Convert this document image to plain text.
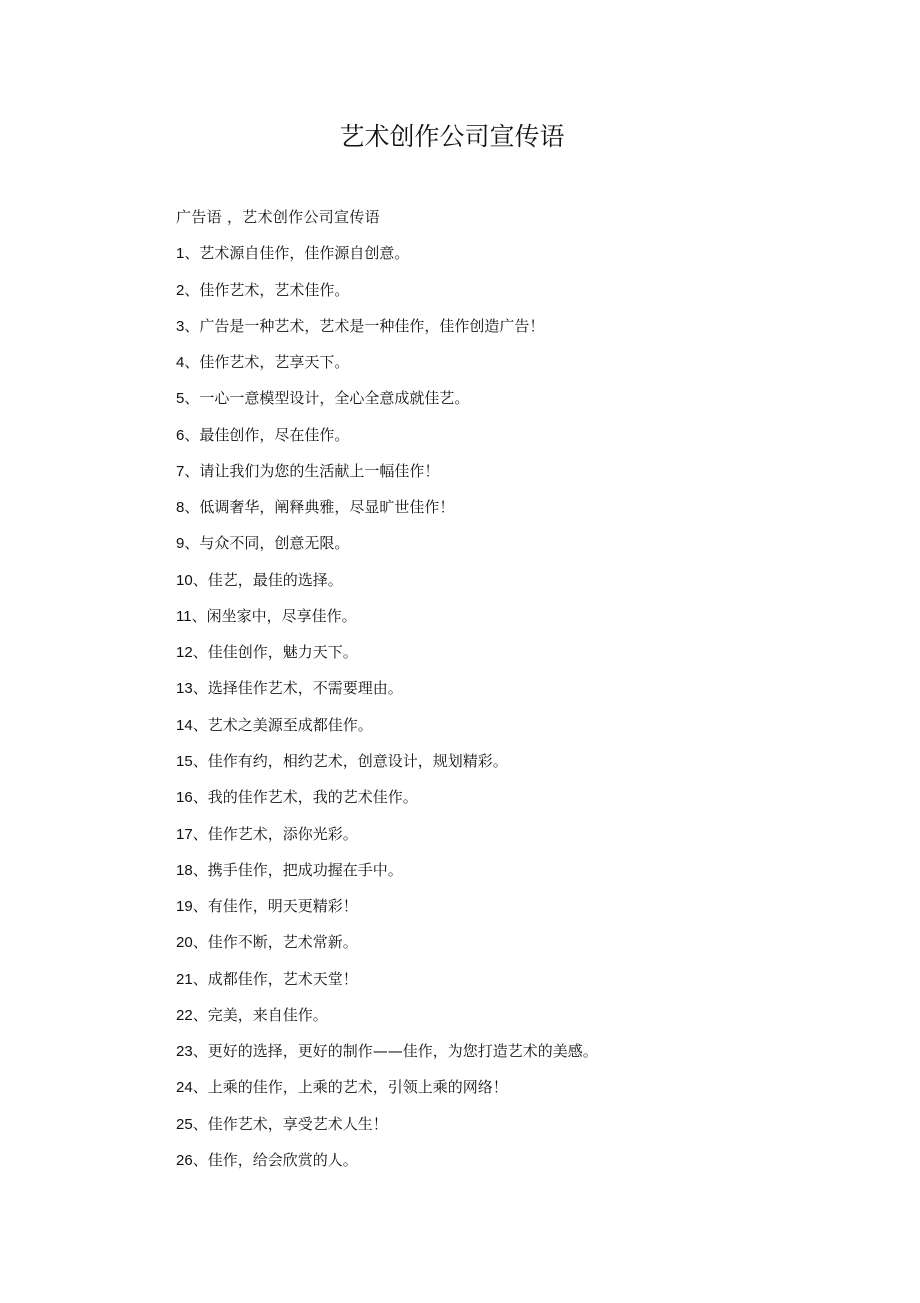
艺术创作公司宣传语
广告语 ，艺术创作公司宣传语
1、艺术源自佳作，佳作源自创意。
2、佳作艺术，艺术佳作。
3、广告是一种艺术，艺术是一种佳作，佳作创造广告！
4、佳作艺术，艺享天下。
5、一心一意模型设计，全心全意成就佳艺。
6、最佳创作，尽在佳作。
7、请让我们为您的生活献上一幅佳作！
8、低调奢华，阐释典雅，尽显旷世佳作！
9、与众不同，创意无限。
10、佳艺，最佳的选择。
11、闲坐家中，尽享佳作。
12、佳佳创作，魅力天下。
13、选择佳作艺术，不需要理由。
14、艺术之美源至成都佳作。
15、佳作有约，相约艺术，创意设计，规划精彩。
16、我的佳作艺术，我的艺术佳作。
17、佳作艺术，添你光彩。
18、携手佳作，把成功握在手中。
19、有佳作，明天更精彩！
20、佳作不断，艺术常新。
21、成都佳作，艺术天堂！
22、完美，来自佳作。
23、更好的选择，更好的制作——佳作，为您打造艺术的美感。
24、上乘的佳作，上乘的艺术，引领上乘的网络！
25、佳作艺术，享受艺术人生！
26、佳作，给会欣赏的人。
